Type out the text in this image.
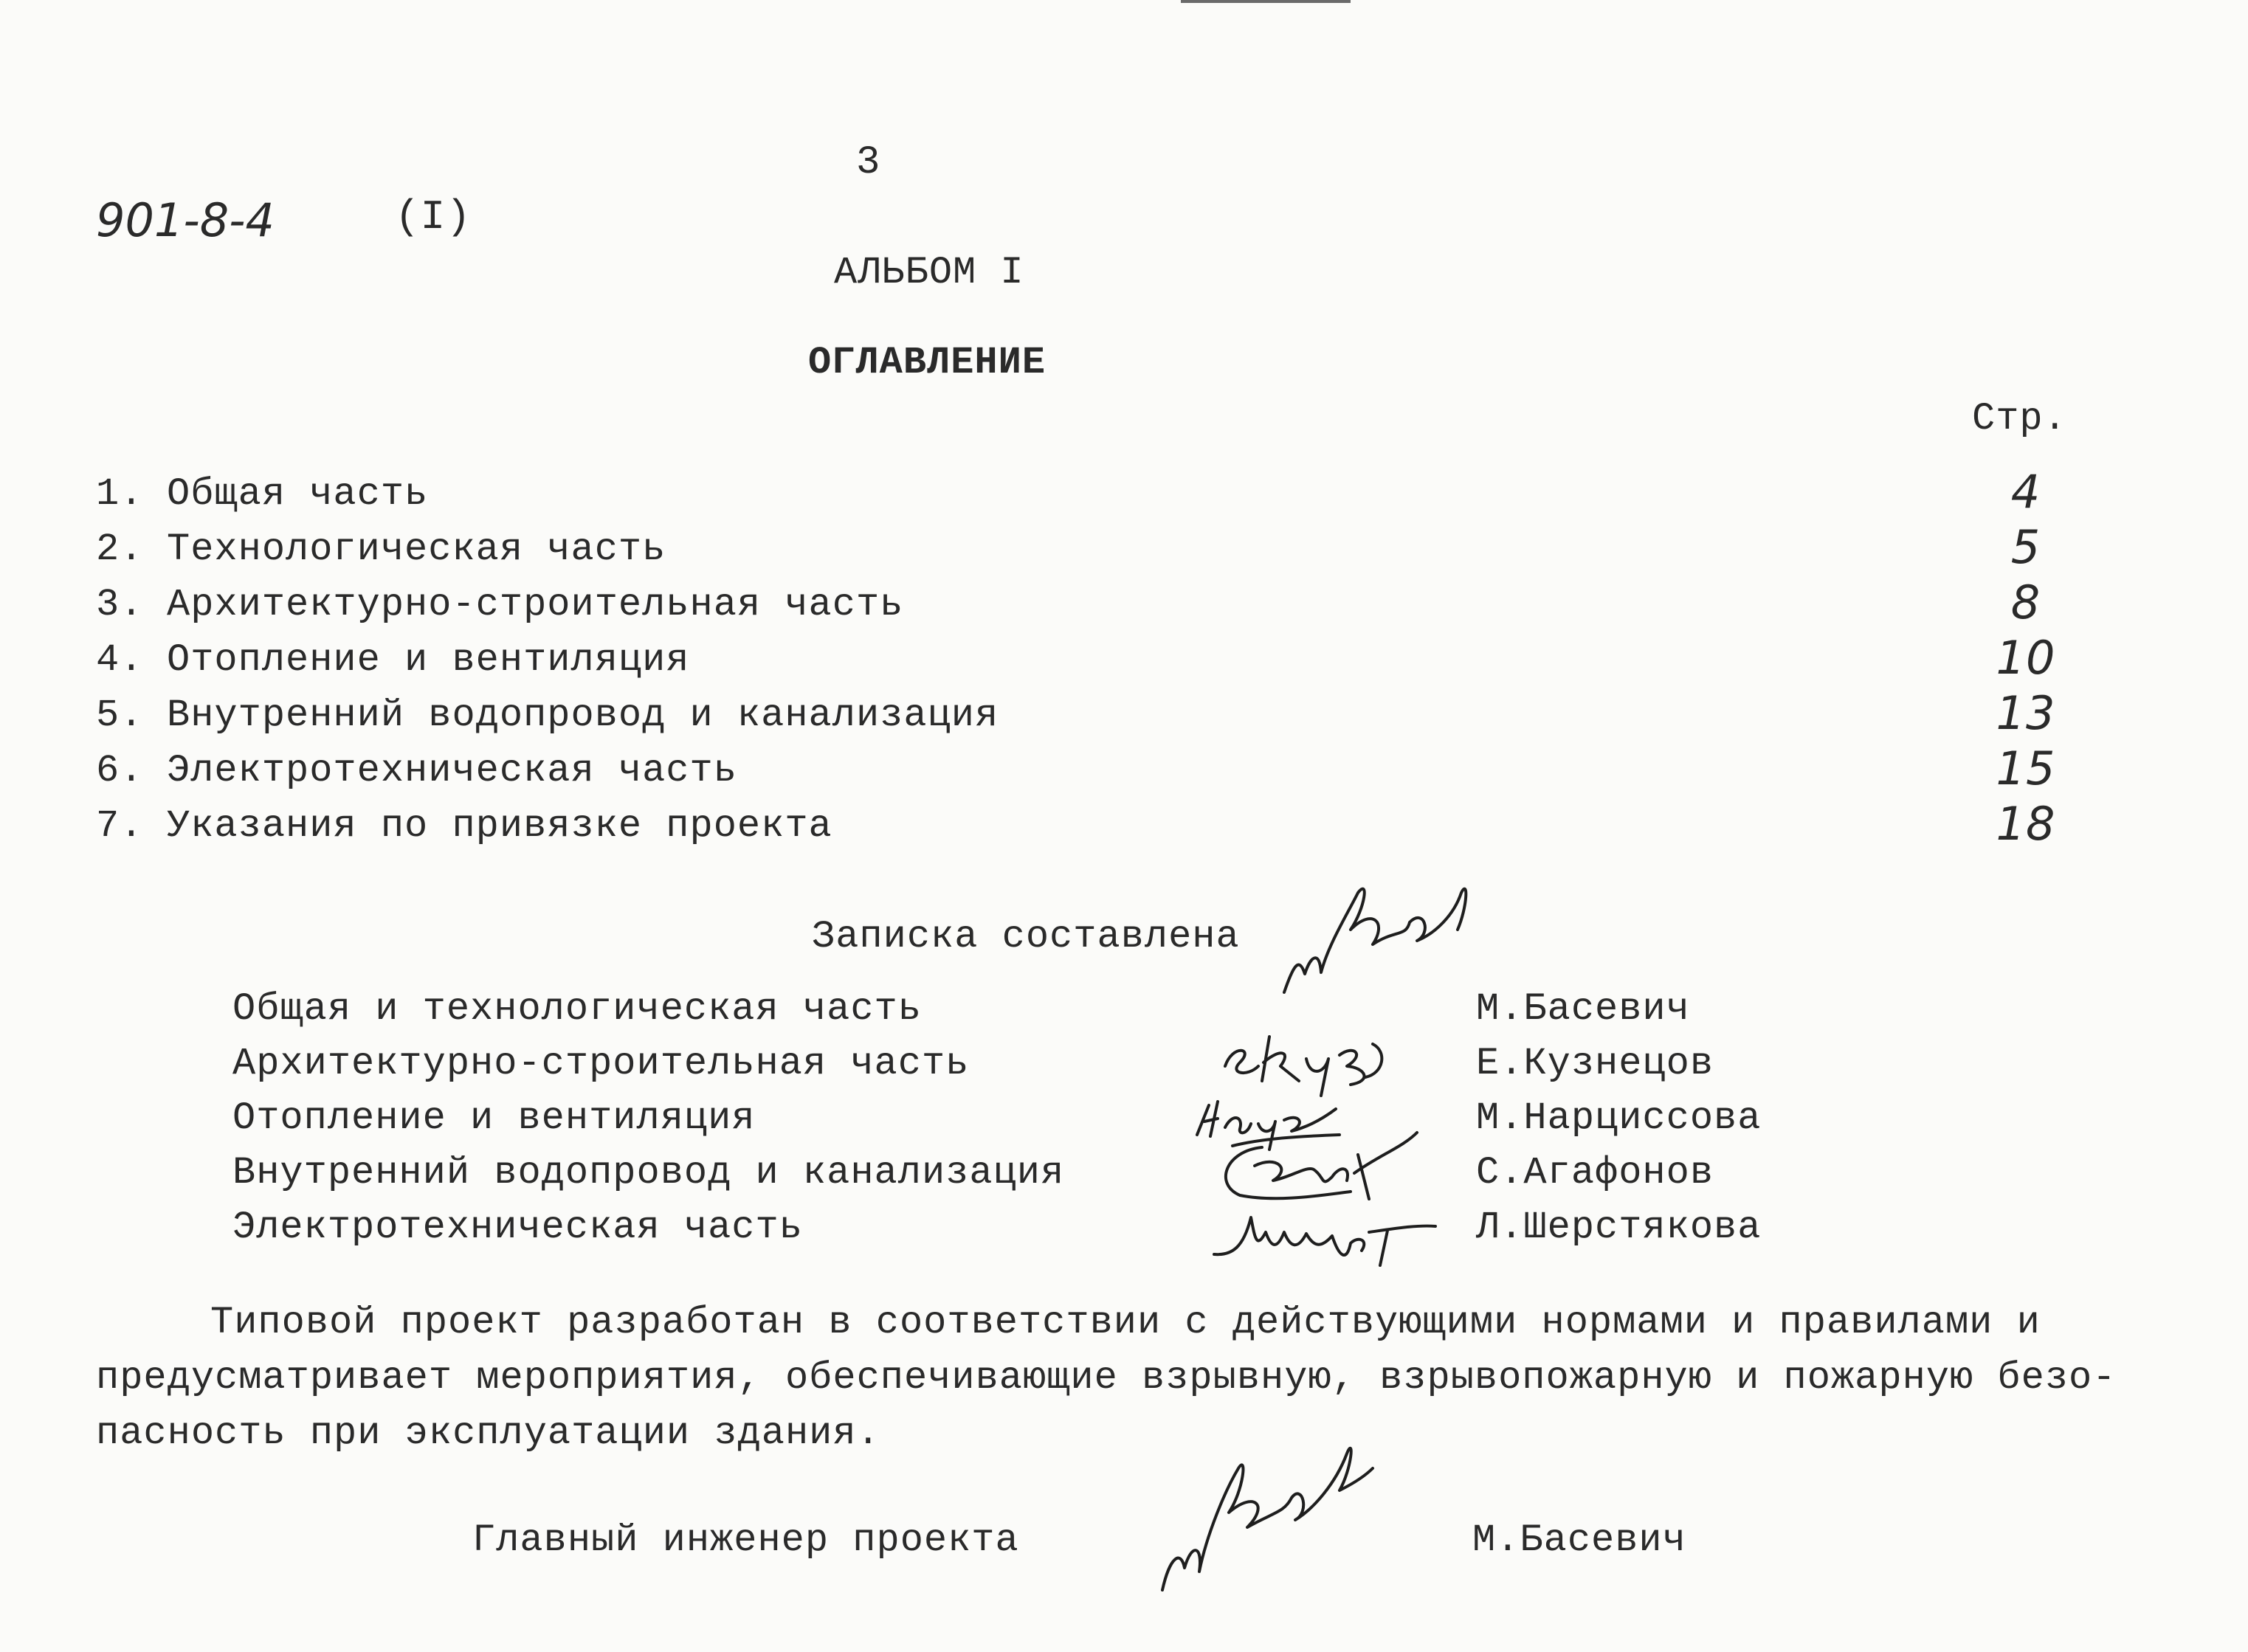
3
901-8-4	(I)
АЛЬБОМ I
ОГЛАВЛЕНИЕ
Стр.
1. Общая часть	4
2. Технологическая часть	5
3. Архитектурно-строительная часть	8
4. Отопление и вентиляция	10
5. Внутренний водопровод и канализация	13
6. Электротехническая часть	15
7. Указания по привязке проекта	18
Записка составлена
Общая и технологическая часть	М.Басевич
Архитектурно-строительная часть	Е.Кузнецов
Отопление и вентиляция	М.Нарциссова
Внутренний водопровод и канализация	С.Агафонов
Электротехническая часть	Л.Шерстякова
Типовой проект разработан в соответствии с действующими нормами и правилами и
предусматривает мероприятия, обеспечивающие взрывную, взрывопожарную и пожарную безо-
пасность при эксплуатации здания.
Главный инженер проекта	М.Басевич
